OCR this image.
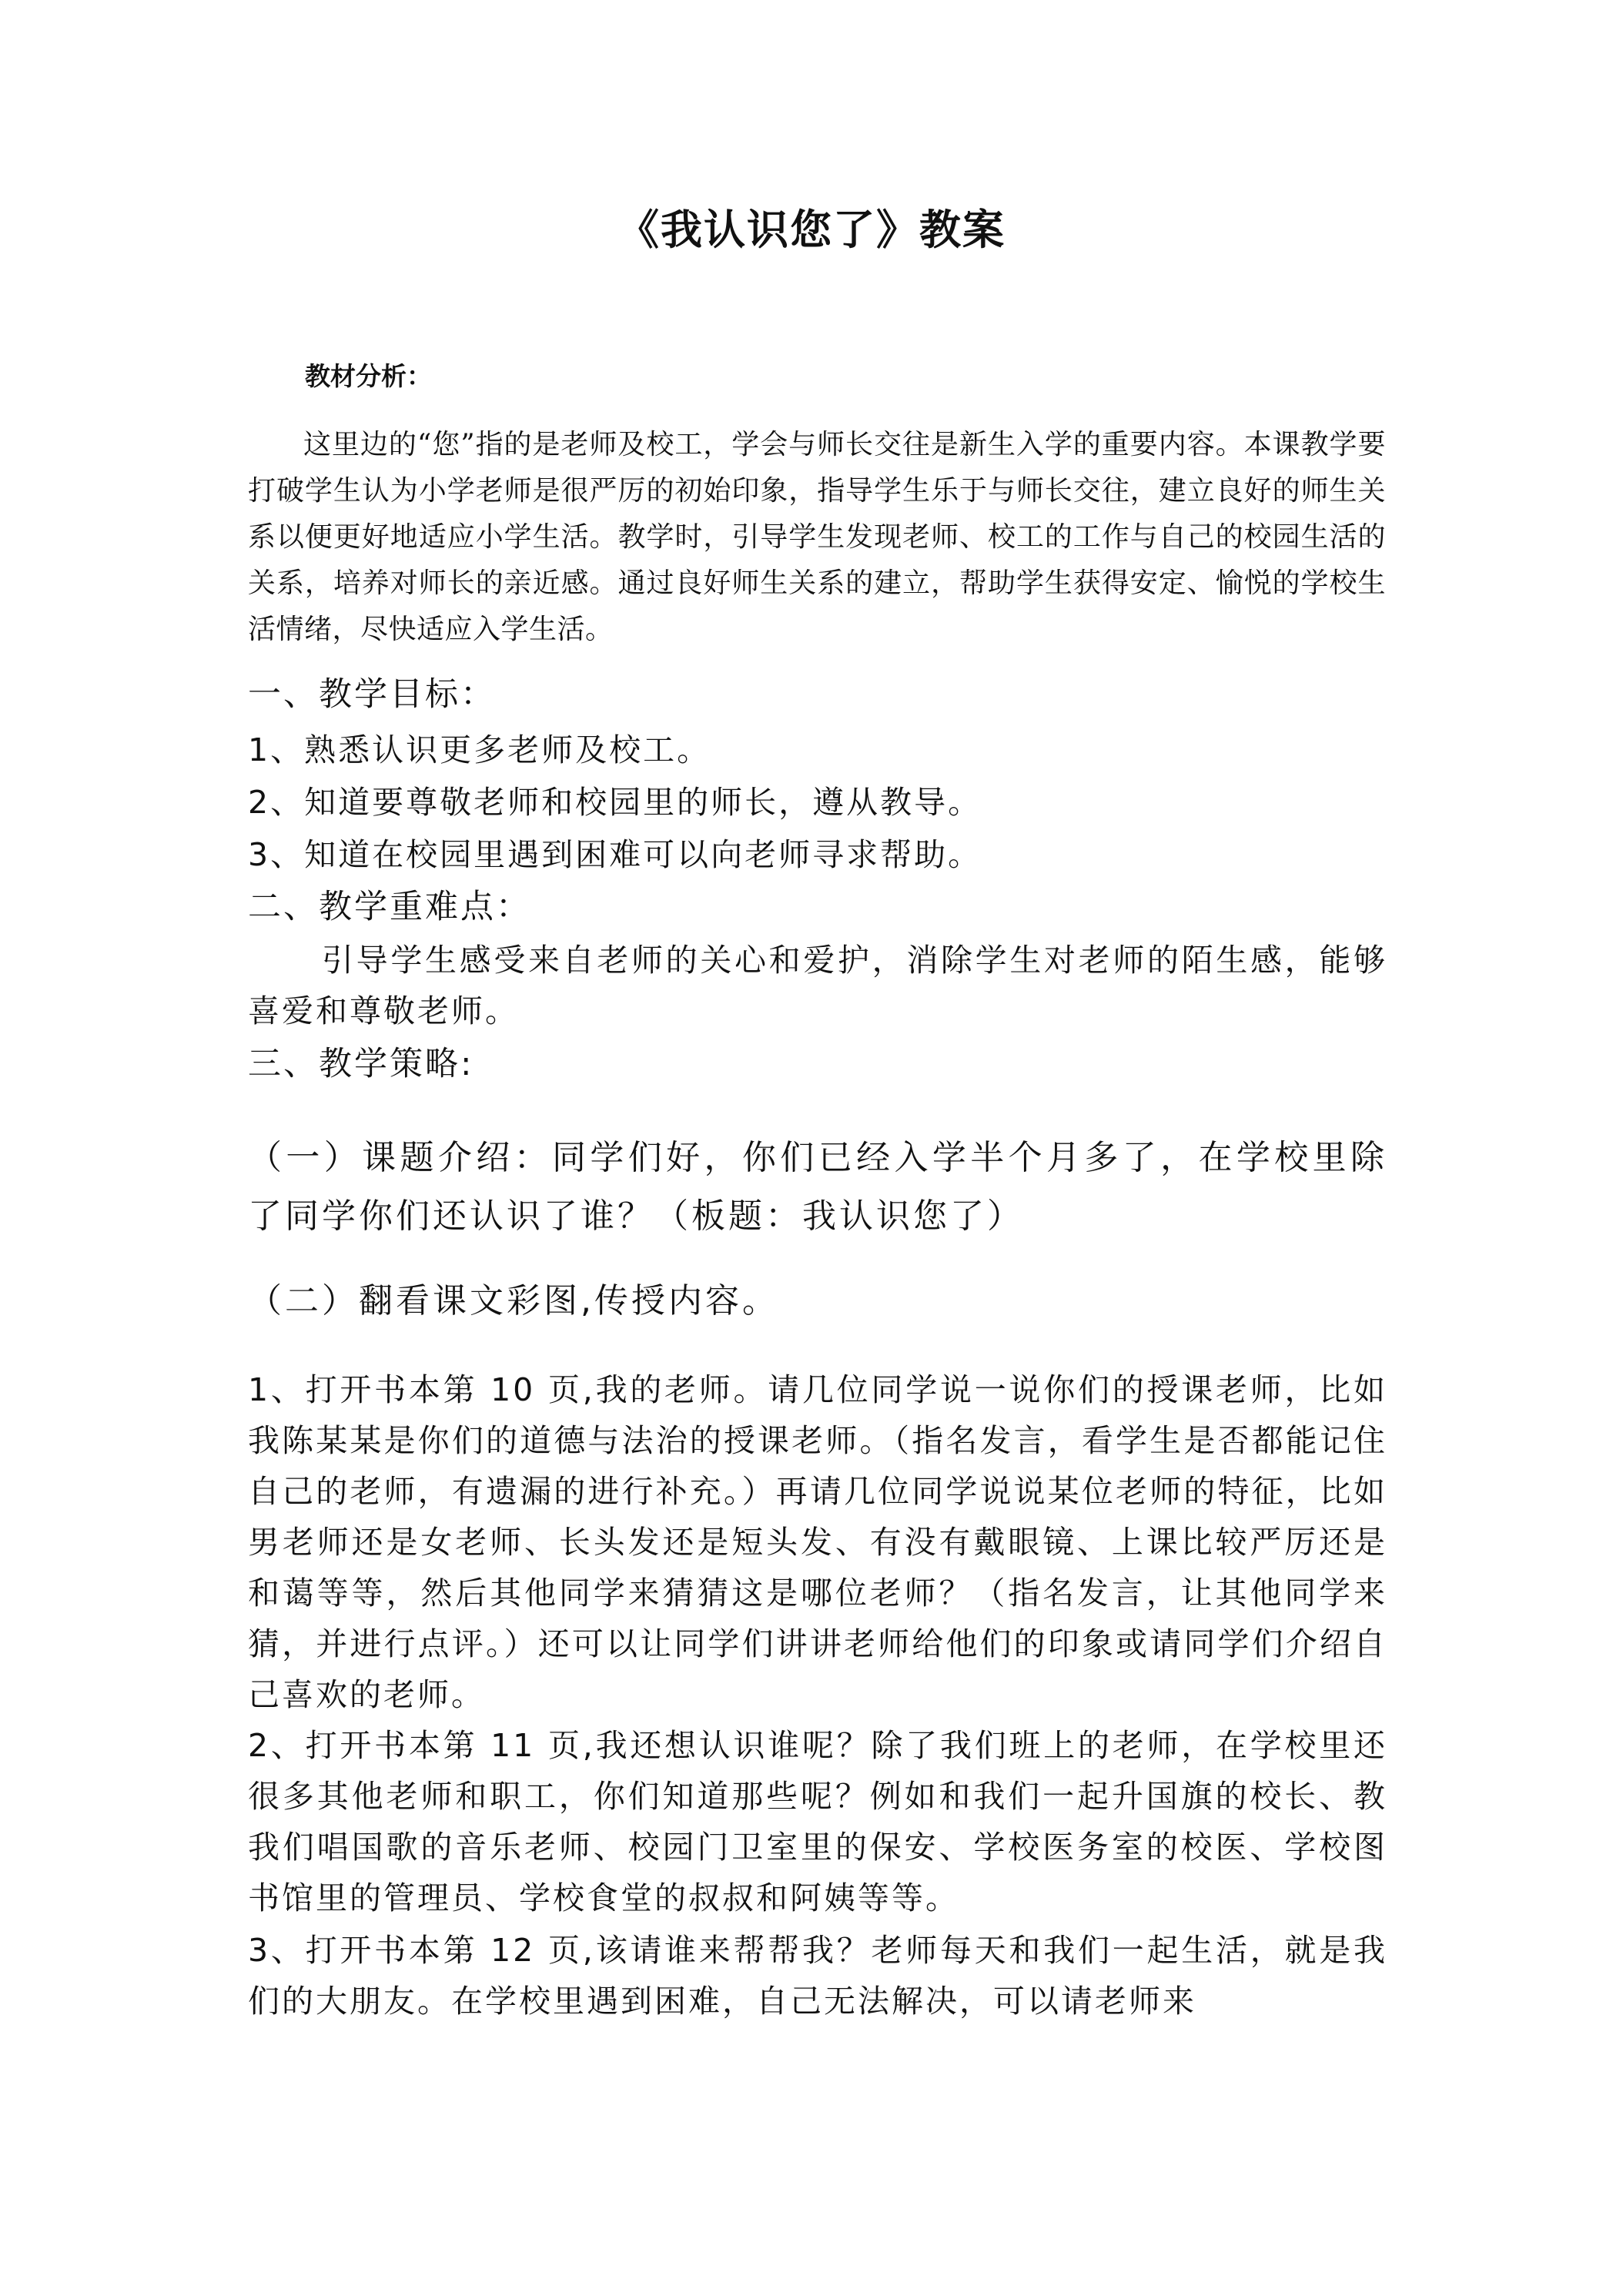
《我认识您了》教案
教材分析：

这里边的“您”指的是老师及校工，学会与师长交往是新生入学的重要内容。本课教学要打破学生认为小学老师是很严厉的初始印象，指导学生乐于与师长交往，建立良好的师生关系以便更好地适应小学生活。教学时，引导学生发现老师、校工的工作与自己的校园生活的关系，培养对师长的亲近感。通过良好师生关系的建立，帮助学生获得安定、愉悦的学校生活情绪，尽快适应入学生活。

一、教学目标：
1、熟悉认识更多老师及校工。
2、知道要尊敬老师和校园里的师长，遵从教导。
3、知道在校园里遇到困难可以向老师寻求帮助。
二、教学重难点：

引导学生感受来自老师的关心和爱护，消除学生对老师的陌生感，能够喜爱和尊敬老师。

三、教学策略:

（一）课题介绍：同学们好，你们已经入学半个月多了，在学校里除了同学你们还认识了谁？（板题：我认识您了）

（二）翻看课文彩图,传授内容。

1、打开书本第 10 页,我的老师。请几位同学说一说你们的授课老师，比如我陈某某是你们的道德与法治的授课老师。（指名发言，看学生是否都能记住自己的老师，有遗漏的进行补充。）再请几位同学说说某位老师的特征，比如男老师还是女老师、长头发还是短头发、有没有戴眼镜、上课比较严厉还是和蔼等等，然后其他同学来猜猜这是哪位老师？（指名发言，让其他同学来猜，并进行点评。）还可以让同学们讲讲老师给他们的印象或请同学们介绍自己喜欢的老师。

2、打开书本第 11 页,我还想认识谁呢？除了我们班上的老师，在学校里还很多其他老师和职工，你们知道那些呢？例如和我们一起升国旗的校长、教我们唱国歌的音乐老师、校园门卫室里的保安、学校医务室的校医、学校图书馆里的管理员、学校食堂的叔叔和阿姨等等。

3、打开书本第 12 页,该请谁来帮帮我？老师每天和我们一起生活，就是我们的大朋友。在学校里遇到困难，自己无法解决，可以请老师来
